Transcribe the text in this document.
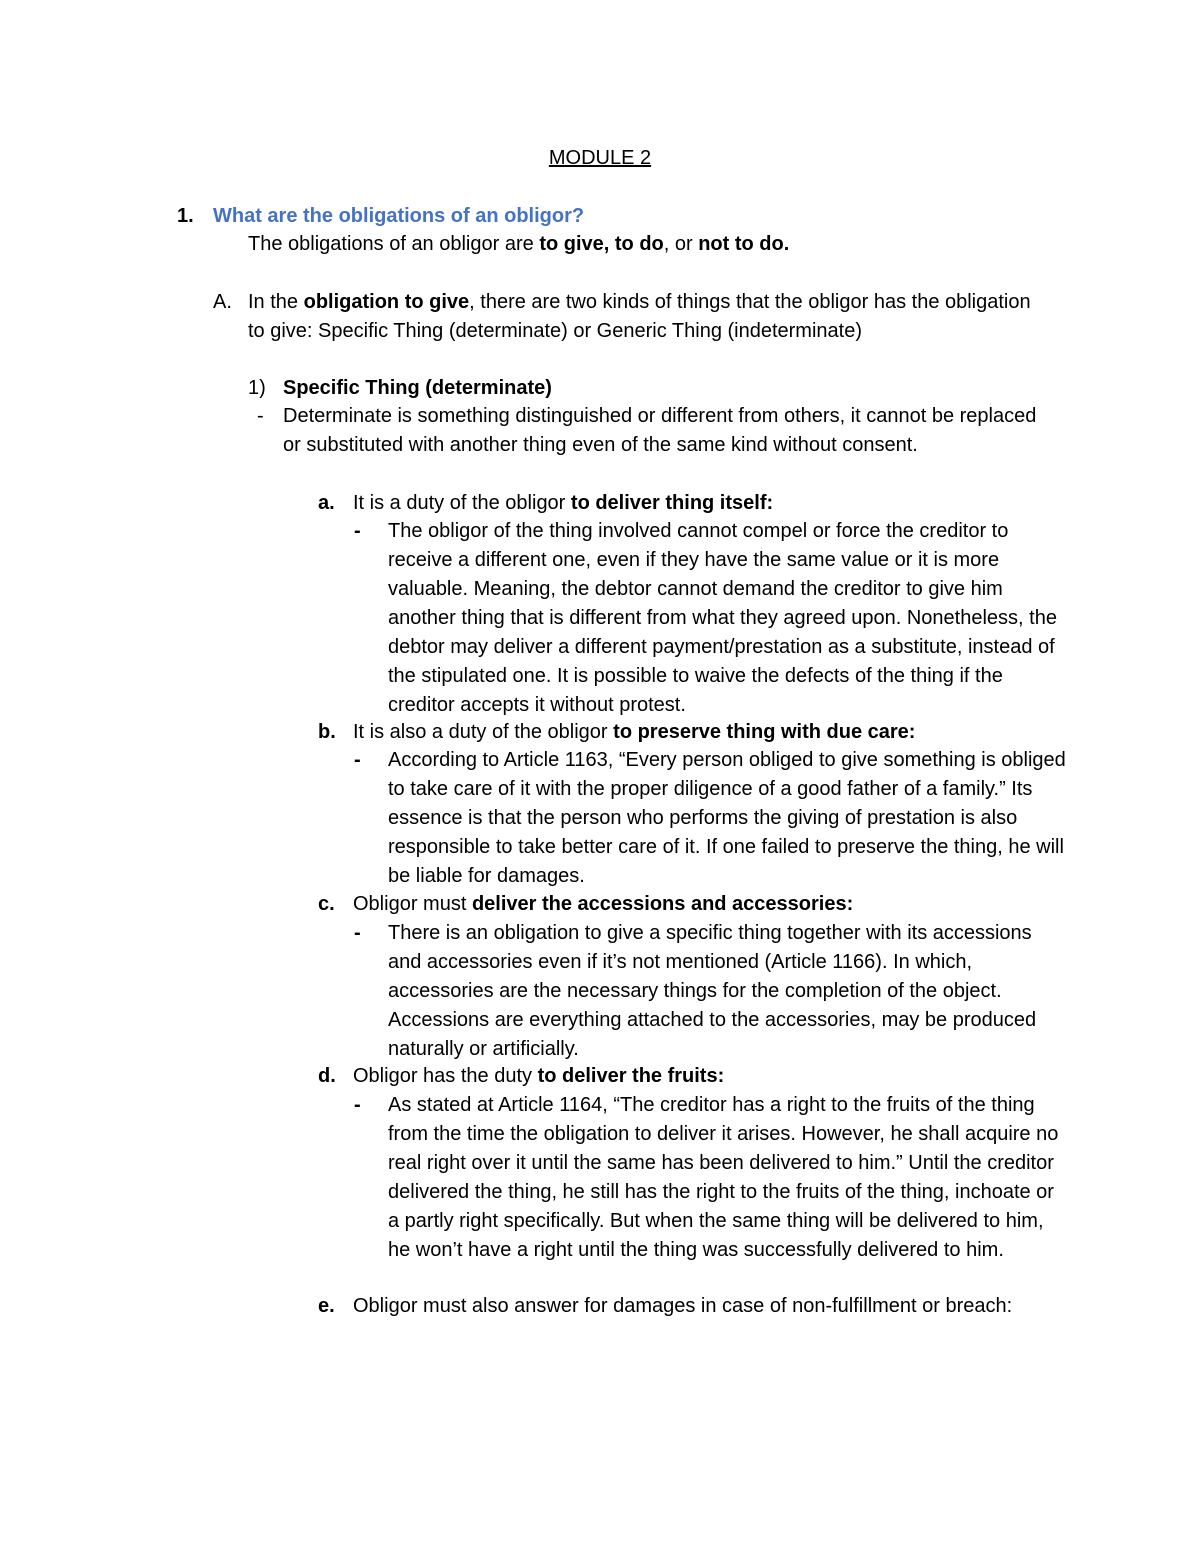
MODULE 2
1. What are the obligations of an obligor?
The obligations of an obligor are to give, to do, or not to do.
A. In the obligation to give, there are two kinds of things that the obligor has the obligation to give: Specific Thing (determinate) or Generic Thing (indeterminate)
1) Specific Thing (determinate)
- Determinate is something distinguished or different from others, it cannot be replaced or substituted with another thing even of the same kind without consent.
a. It is a duty of the obligor to deliver thing itself:
- The obligor of the thing involved cannot compel or force the creditor to receive a different one, even if they have the same value or it is more valuable. Meaning, the debtor cannot demand the creditor to give him another thing that is different from what they agreed upon. Nonetheless, the debtor may deliver a different payment/prestation as a substitute, instead of the stipulated one. It is possible to waive the defects of the thing if the creditor accepts it without protest.
b. It is also a duty of the obligor to preserve thing with due care:
- According to Article 1163, “Every person obliged to give something is obliged to take care of it with the proper diligence of a good father of a family.” Its essence is that the person who performs the giving of prestation is also responsible to take better care of it. If one failed to preserve the thing, he will be liable for damages.
c. Obligor must deliver the accessions and accessories:
- There is an obligation to give a specific thing together with its accessions and accessories even if it’s not mentioned (Article 1166). In which, accessories are the necessary things for the completion of the object. Accessions are everything attached to the accessories, may be produced naturally or artificially.
d. Obligor has the duty to deliver the fruits:
- As stated at Article 1164, “The creditor has a right to the fruits of the thing from the time the obligation to deliver it arises. However, he shall acquire no real right over it until the same has been delivered to him.” Until the creditor delivered the thing, he still has the right to the fruits of the thing, inchoate or a partly right specifically. But when the same thing will be delivered to him, he won’t have a right until the thing was successfully delivered to him.
e. Obligor must also answer for damages in case of non-fulfillment or breach:
